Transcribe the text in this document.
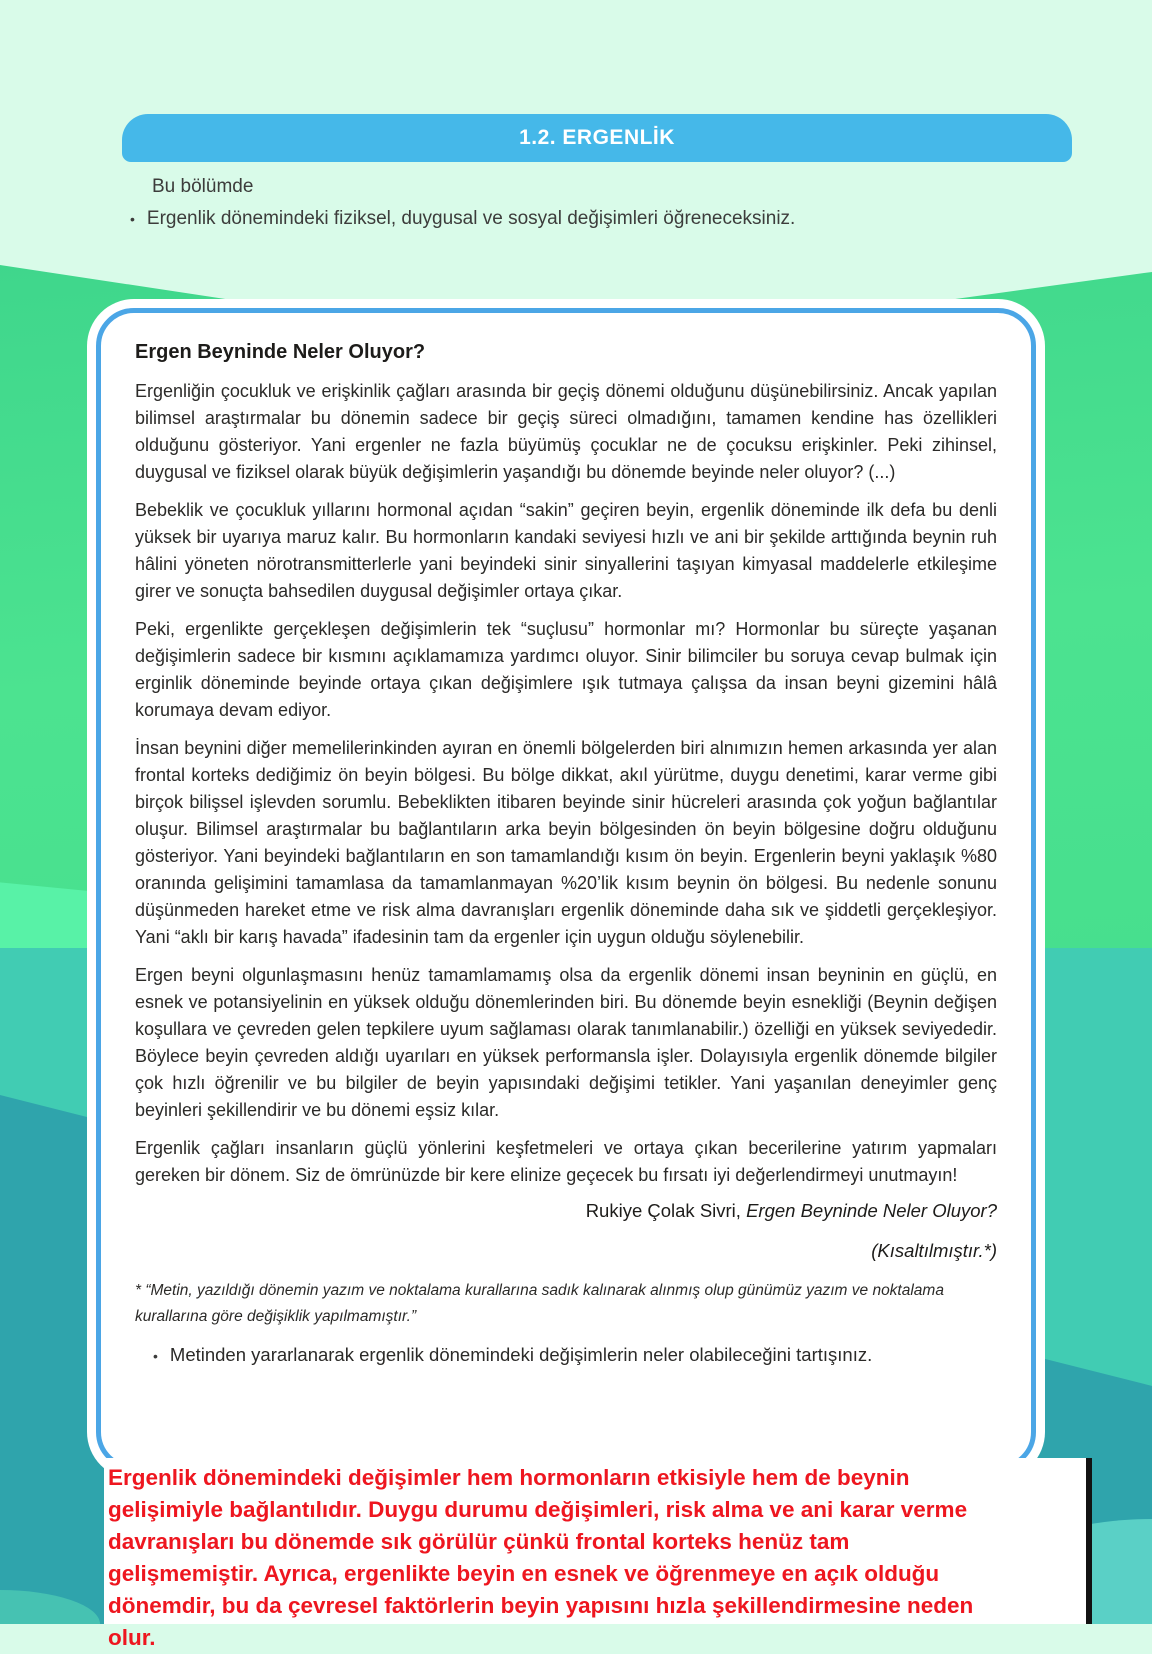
1.2. ERGENLİK
Bu bölümde
• Ergenlik dönemindeki fiziksel, duygusal ve sosyal değişimleri öğreneceksiniz.
Ergen Beyninde Neler Oluyor?

Ergenliğin çocukluk ve erişkinlik çağları arasında bir geçiş dönemi olduğunu düşünebilirsiniz. Ancak yapılan bilimsel araştırmalar bu dönemin sadece bir geçiş süreci olmadığını, tamamen kendine has özellikleri olduğunu gösteriyor. Yani ergenler ne fazla büyümüş çocuklar ne de çocuksu erişkinler. Peki zihinsel, duygusal ve fiziksel olarak büyük değişimlerin yaşandığı bu dönemde beyinde neler oluyor? (...)

Bebeklik ve çocukluk yıllarını hormonal açıdan “sakin” geçiren beyin, ergenlik döneminde ilk defa bu denli yüksek bir uyarıya maruz kalır. Bu hormonların kandaki seviyesi hızlı ve ani bir şekilde arttığında beynin ruh hâlini yöneten nörotransmitterlerle yani beyindeki sinir sinyallerini taşıyan kimyasal maddelerle etkileşime girer ve sonuçta bahsedilen duygusal değişimler ortaya çıkar.

Peki, ergenlikte gerçekleşen değişimlerin tek “suçlusu” hormonlar mı? Hormonlar bu süreçte yaşanan değişimlerin sadece bir kısmını açıklamamıza yardımcı oluyor. Sinir bilimciler bu soruya cevap bulmak için erginlik döneminde beyinde ortaya çıkan değişimlere ışık tutmaya çalışsa da insan beyni gizemini hâlâ korumaya devam ediyor.

İnsan beynini diğer memelilerinkinden ayıran en önemli bölgelerden biri alnımızın hemen arkasında yer alan frontal korteks dediğimiz ön beyin bölgesi. Bu bölge dikkat, akıl yürütme, duygu denetimi, karar verme gibi birçok bilişsel işlevden sorumlu. Bebeklikten itibaren beyinde sinir hücreleri arasında çok yoğun bağlantılar oluşur. Bilimsel araştırmalar bu bağlantıların arka beyin bölgesinden ön beyin bölgesine doğru olduğunu gösteriyor. Yani beyindeki bağlantıların en son tamamlandığı kısım ön beyin. Ergenlerin beyni yaklaşık %80 oranında gelişimini tamamlasa da tamamlanmayan %20’lik kısım beynin ön bölgesi. Bu nedenle sonunu düşünmeden hareket etme ve risk alma davranışları ergenlik döneminde daha sık ve şiddetli gerçekleşiyor. Yani “aklı bir karış havada” ifadesinin tam da ergenler için uygun olduğu söylenebilir.

Ergen beyni olgunlaşmasını henüz tamamlamamış olsa da ergenlik dönemi insan beyninin en güçlü, en esnek ve potansiyelinin en yüksek olduğu dönemlerinden biri. Bu dönemde beyin esnekliği (Beynin değişen koşullara ve çevreden gelen tepkilere uyum sağlaması olarak tanımlanabilir.) özelliği en yüksek seviyededir. Böylece beyin çevreden aldığı uyarıları en yüksek performansla işler. Dolayısıyla ergenlik dönemde bilgiler çok hızlı öğrenilir ve bu bilgiler de beyin yapısındaki değişimi tetikler. Yani yaşanılan deneyimler genç beyinleri şekillendirir ve bu dönemi eşsiz kılar.

Ergenlik çağları insanların güçlü yönlerini keşfetmeleri ve ortaya çıkan becerilerine yatırım yapmaları gereken bir dönem. Siz de ömrünüzde bir kere elinize geçecek bu fırsatı iyi değerlendirmeyi unutmayın!

Rukiye Çolak Sivri, Ergen Beyninde Neler Oluyor?
(Kısaltılmıştır.*)
* “Metin, yazıldığı dönemin yazım ve noktalama kurallarına sadık kalınarak alınmış olup günümüz yazım ve noktalama kurallarına göre değişiklik yapılmamıştır.”
• Metinden yararlanarak ergenlik dönemindeki değişimlerin neler olabileceğini tartışınız.
Ergenlik dönemindeki değişimler hem hormonların etkisiyle hem de beynin
gelişimiyle bağlantılıdır. Duygu durumu değişimleri, risk alma ve ani karar verme
davranışları bu dönemde sık görülür çünkü frontal korteks henüz tam
gelişmemiştir. Ayrıca, ergenlikte beyin en esnek ve öğrenmeye en açık olduğu
dönemdir, bu da çevresel faktörlerin beyin yapısını hızla şekillendirmesine neden
olur.
